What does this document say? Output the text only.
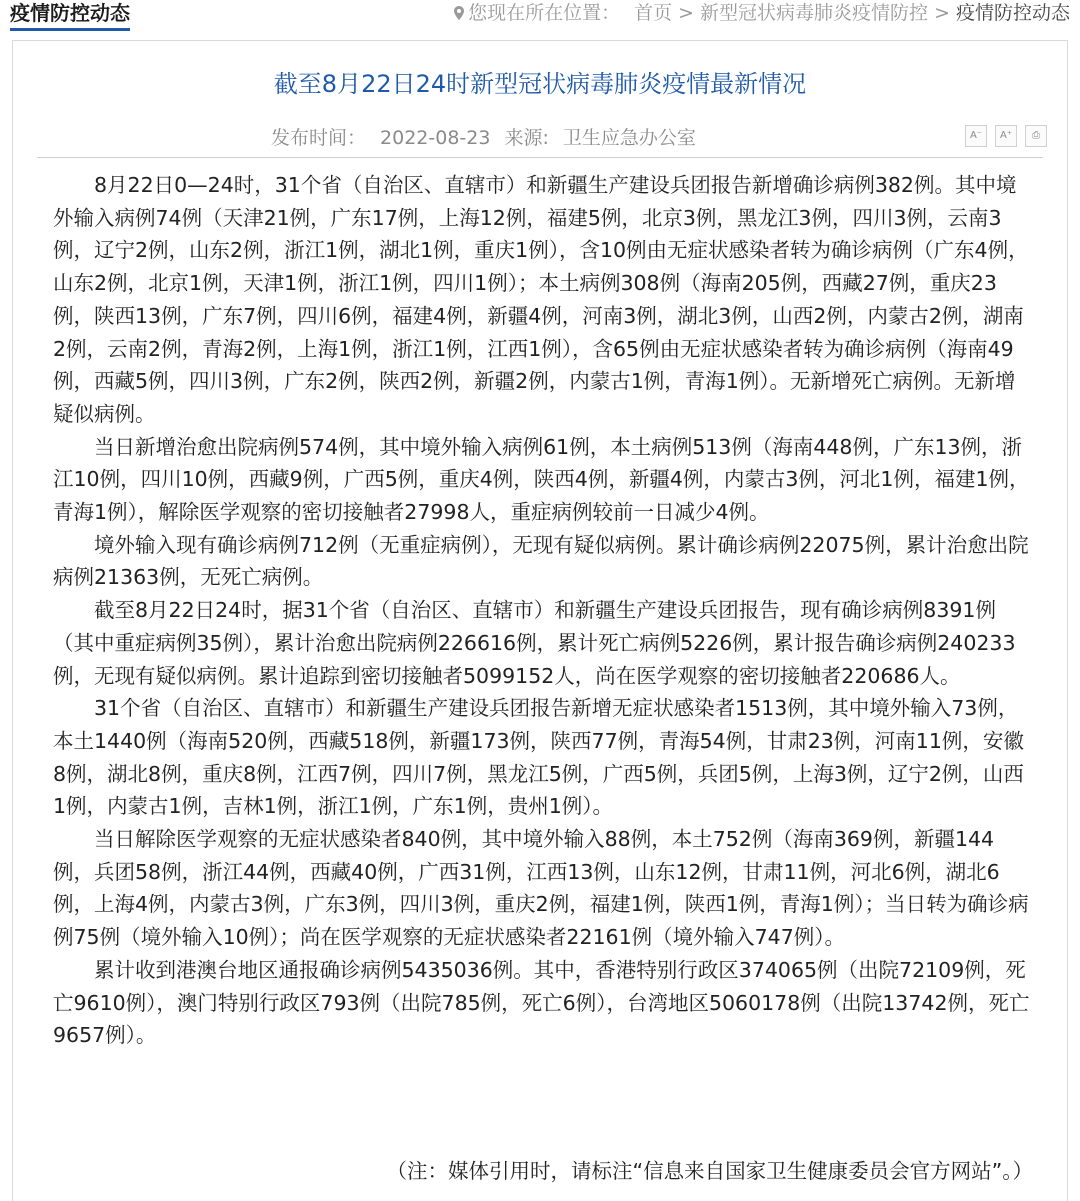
疫情防控动态	您现在所在位置： 首页 > 新型冠状病毒肺炎疫情防控 > 疫情防控动态
截至8月22日24时新型冠状病毒肺炎疫情最新情况
发布时间： 2022-08-23 来源: 卫生应急办公室	A⁻	A⁺	⎙

8月22日0—24时，31个省（自治区、直辖市）和新疆生产建设兵团报告新增确诊病例382例。其中境外输入病例74例（天津21例，广东17例，上海12例，福建5例，北京3例，黑龙江3例，四川3例，云南3例，辽宁2例，山东2例，浙江1例，湖北1例，重庆1例），含10例由无症状感染者转为确诊病例（广东4例，山东2例，北京1例，天津1例，浙江1例，四川1例）；本土病例308例（海南205例，西藏27例，重庆23例，陕西13例，广东7例，四川6例，福建4例，新疆4例，河南3例，湖北3例，山西2例，内蒙古2例，湖南2例，云南2例，青海2例，上海1例，浙江1例，江西1例），含65例由无症状感染者转为确诊病例（海南49例，西藏5例，四川3例，广东2例，陕西2例，新疆2例，内蒙古1例，青海1例）。无新增死亡病例。无新增疑似病例。

当日新增治愈出院病例574例，其中境外输入病例61例，本土病例513例（海南448例，广东13例，浙江10例，四川10例，西藏9例，广西5例，重庆4例，陕西4例，新疆4例，内蒙古3例，河北1例，福建1例，青海1例），解除医学观察的密切接触者27998人，重症病例较前一日减少4例。

境外输入现有确诊病例712例（无重症病例），无现有疑似病例。累计确诊病例22075例，累计治愈出院病例21363例，无死亡病例。

截至8月22日24时，据31个省（自治区、直辖市）和新疆生产建设兵团报告，现有确诊病例8391例（其中重症病例35例），累计治愈出院病例226616例，累计死亡病例5226例，累计报告确诊病例240233例，无现有疑似病例。累计追踪到密切接触者5099152人，尚在医学观察的密切接触者220686人。

31个省（自治区、直辖市）和新疆生产建设兵团报告新增无症状感染者1513例，其中境外输入73例，本土1440例（海南520例，西藏518例，新疆173例，陕西77例，青海54例，甘肃23例，河南11例，安徽8例，湖北8例，重庆8例，江西7例，四川7例，黑龙江5例，广西5例，兵团5例，上海3例，辽宁2例，山西1例，内蒙古1例，吉林1例，浙江1例，广东1例，贵州1例）。

当日解除医学观察的无症状感染者840例，其中境外输入88例，本土752例（海南369例，新疆144例，兵团58例，浙江44例，西藏40例，广西31例，江西13例，山东12例，甘肃11例，河北6例，湖北6例，上海4例，内蒙古3例，广东3例，四川3例，重庆2例，福建1例，陕西1例，青海1例）；当日转为确诊病例75例（境外输入10例）；尚在医学观察的无症状感染者22161例（境外输入747例）。

累计收到港澳台地区通报确诊病例5435036例。其中，香港特别行政区374065例（出院72109例，死亡9610例），澳门特别行政区793例（出院785例，死亡6例），台湾地区5060178例（出院13742例，死亡9657例）。

（注：媒体引用时，请标注“信息来自国家卫生健康委员会官方网站”。）
